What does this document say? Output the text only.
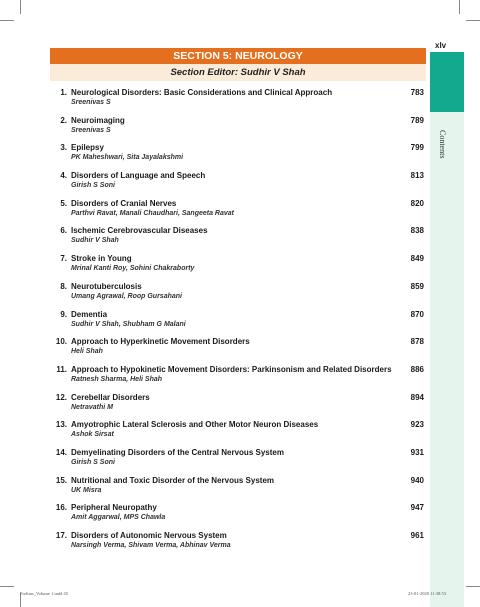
Contents
xlv
SECTION 5: NEUROLOGY
Section Editor: Sudhir V Shah
1. Neurological Disorders: Basic Considerations and Clinical Approach
Sreenivas S
783
2. Neuroimaging
Sreenivas S
789
3. Epilepsy
PK Maheshwari, Sita Jayalakshmi
799
4. Disorders of Language and Speech
Girish S Soni
813
5. Disorders of Cranial Nerves
Parthvi Ravat, Manali Chaudhari, Sangeeta Ravat
820
6. Ischemic Cerebrovascular Diseases
Sudhir V Shah
838
7. Stroke in Young
Mrinal Kanti Roy, Sohini Chakraborty
849
8. Neurotuberculosis
Umang Agrawal, Roop Gursahani
859
9. Dementia
Sudhir V Shah, Shubham G Malani
870
10. Approach to Hyperkinetic Movement Disorders
Heli Shah
878
11. Approach to Hypokinetic Movement Disorders: Parkinsonism and Related Disorders
Ratnesh Sharma, Heli Shah
886
12. Cerebellar Disorders
Netravathi M
894
13. Amyotrophic Lateral Sclerosis and Other Motor Neuron Diseases
Ashok Sirsat
923
14. Demyelinating Disorders of the Central Nervous System
Girish S Soni
931
15. Nutritional and Toxic Disorder of the Nervous System
UK Misra
940
16. Peripheral Neuropathy
Amit Aggarwal, MPS Chawla
947
17. Disorders of Autonomic Nervous System
Narsingh Verma, Shivam Verma, Abhinav Verma
961
Prelims_Volume 1.indd 45	23-01-2020 11:38:53
